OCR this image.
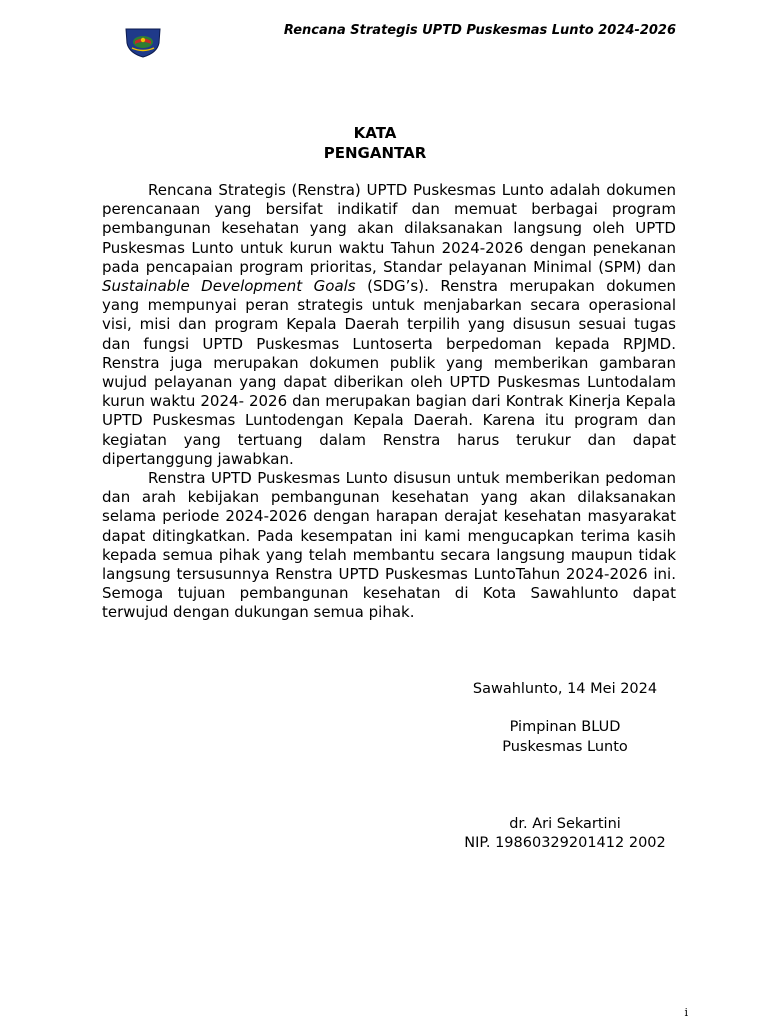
Rencana Strategis UPTD Puskesmas Lunto 2024-2026
KATA
PENGANTAR

Rencana Strategis (Renstra) UPTD Puskesmas Lunto adalah dokumen perencanaan yang bersifat indikatif dan memuat berbagai program pembangunan kesehatan yang akan dilaksanakan langsung oleh UPTD Puskesmas Lunto untuk kurun waktu Tahun 2024-2026 dengan penekanan pada pencapaian program prioritas, Standar pelayanan Minimal (SPM) dan Sustainable Development Goals (SDG’s). Renstra merupakan dokumen yang mempunyai peran strategis untuk menjabarkan secara operasional visi, misi dan program Kepala Daerah terpilih yang disusun sesuai tugas dan fungsi UPTD Puskesmas Luntoserta berpedoman kepada RPJMD. Renstra juga merupakan dokumen publik yang memberikan gambaran wujud pelayanan yang dapat diberikan oleh UPTD Puskesmas Luntodalam kurun waktu 2024- 2026 dan merupakan bagian dari Kontrak Kinerja Kepala UPTD Puskesmas Luntodengan Kepala Daerah. Karena itu program dan kegiatan yang tertuang dalam Renstra harus terukur dan dapat dipertanggung jawabkan.

Renstra UPTD Puskesmas Lunto disusun untuk memberikan pedoman dan arah kebijakan pembangunan kesehatan yang akan dilaksanakan selama periode 2024-2026 dengan harapan derajat kesehatan masyarakat dapat ditingkatkan. Pada kesempatan ini kami mengucapkan terima kasih kepada semua pihak yang telah membantu secara langsung maupun tidak langsung tersusunnya Renstra UPTD Puskesmas LuntoTahun 2024-2026 ini. Semoga tujuan pembangunan kesehatan di Kota Sawahlunto dapat terwujud dengan dukungan semua pihak.

Sawahlunto, 14 Mei 2024
Pimpinan BLUD
Puskesmas Lunto
dr. Ari Sekartini
NIP. 19860329201412 2002
i
